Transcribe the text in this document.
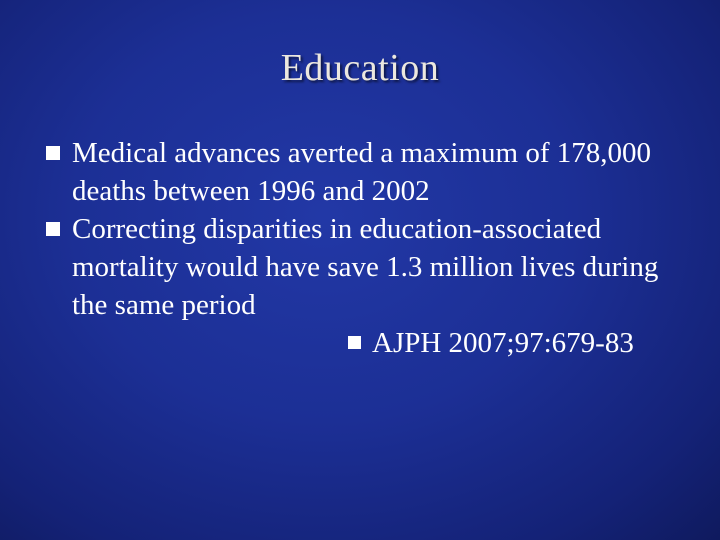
Education
Medical advances averted a maximum of 178,000 deaths between 1996 and 2002
Correcting disparities in education-associated mortality would have save 1.3 million lives during the same period
AJPH 2007;97:679-83
